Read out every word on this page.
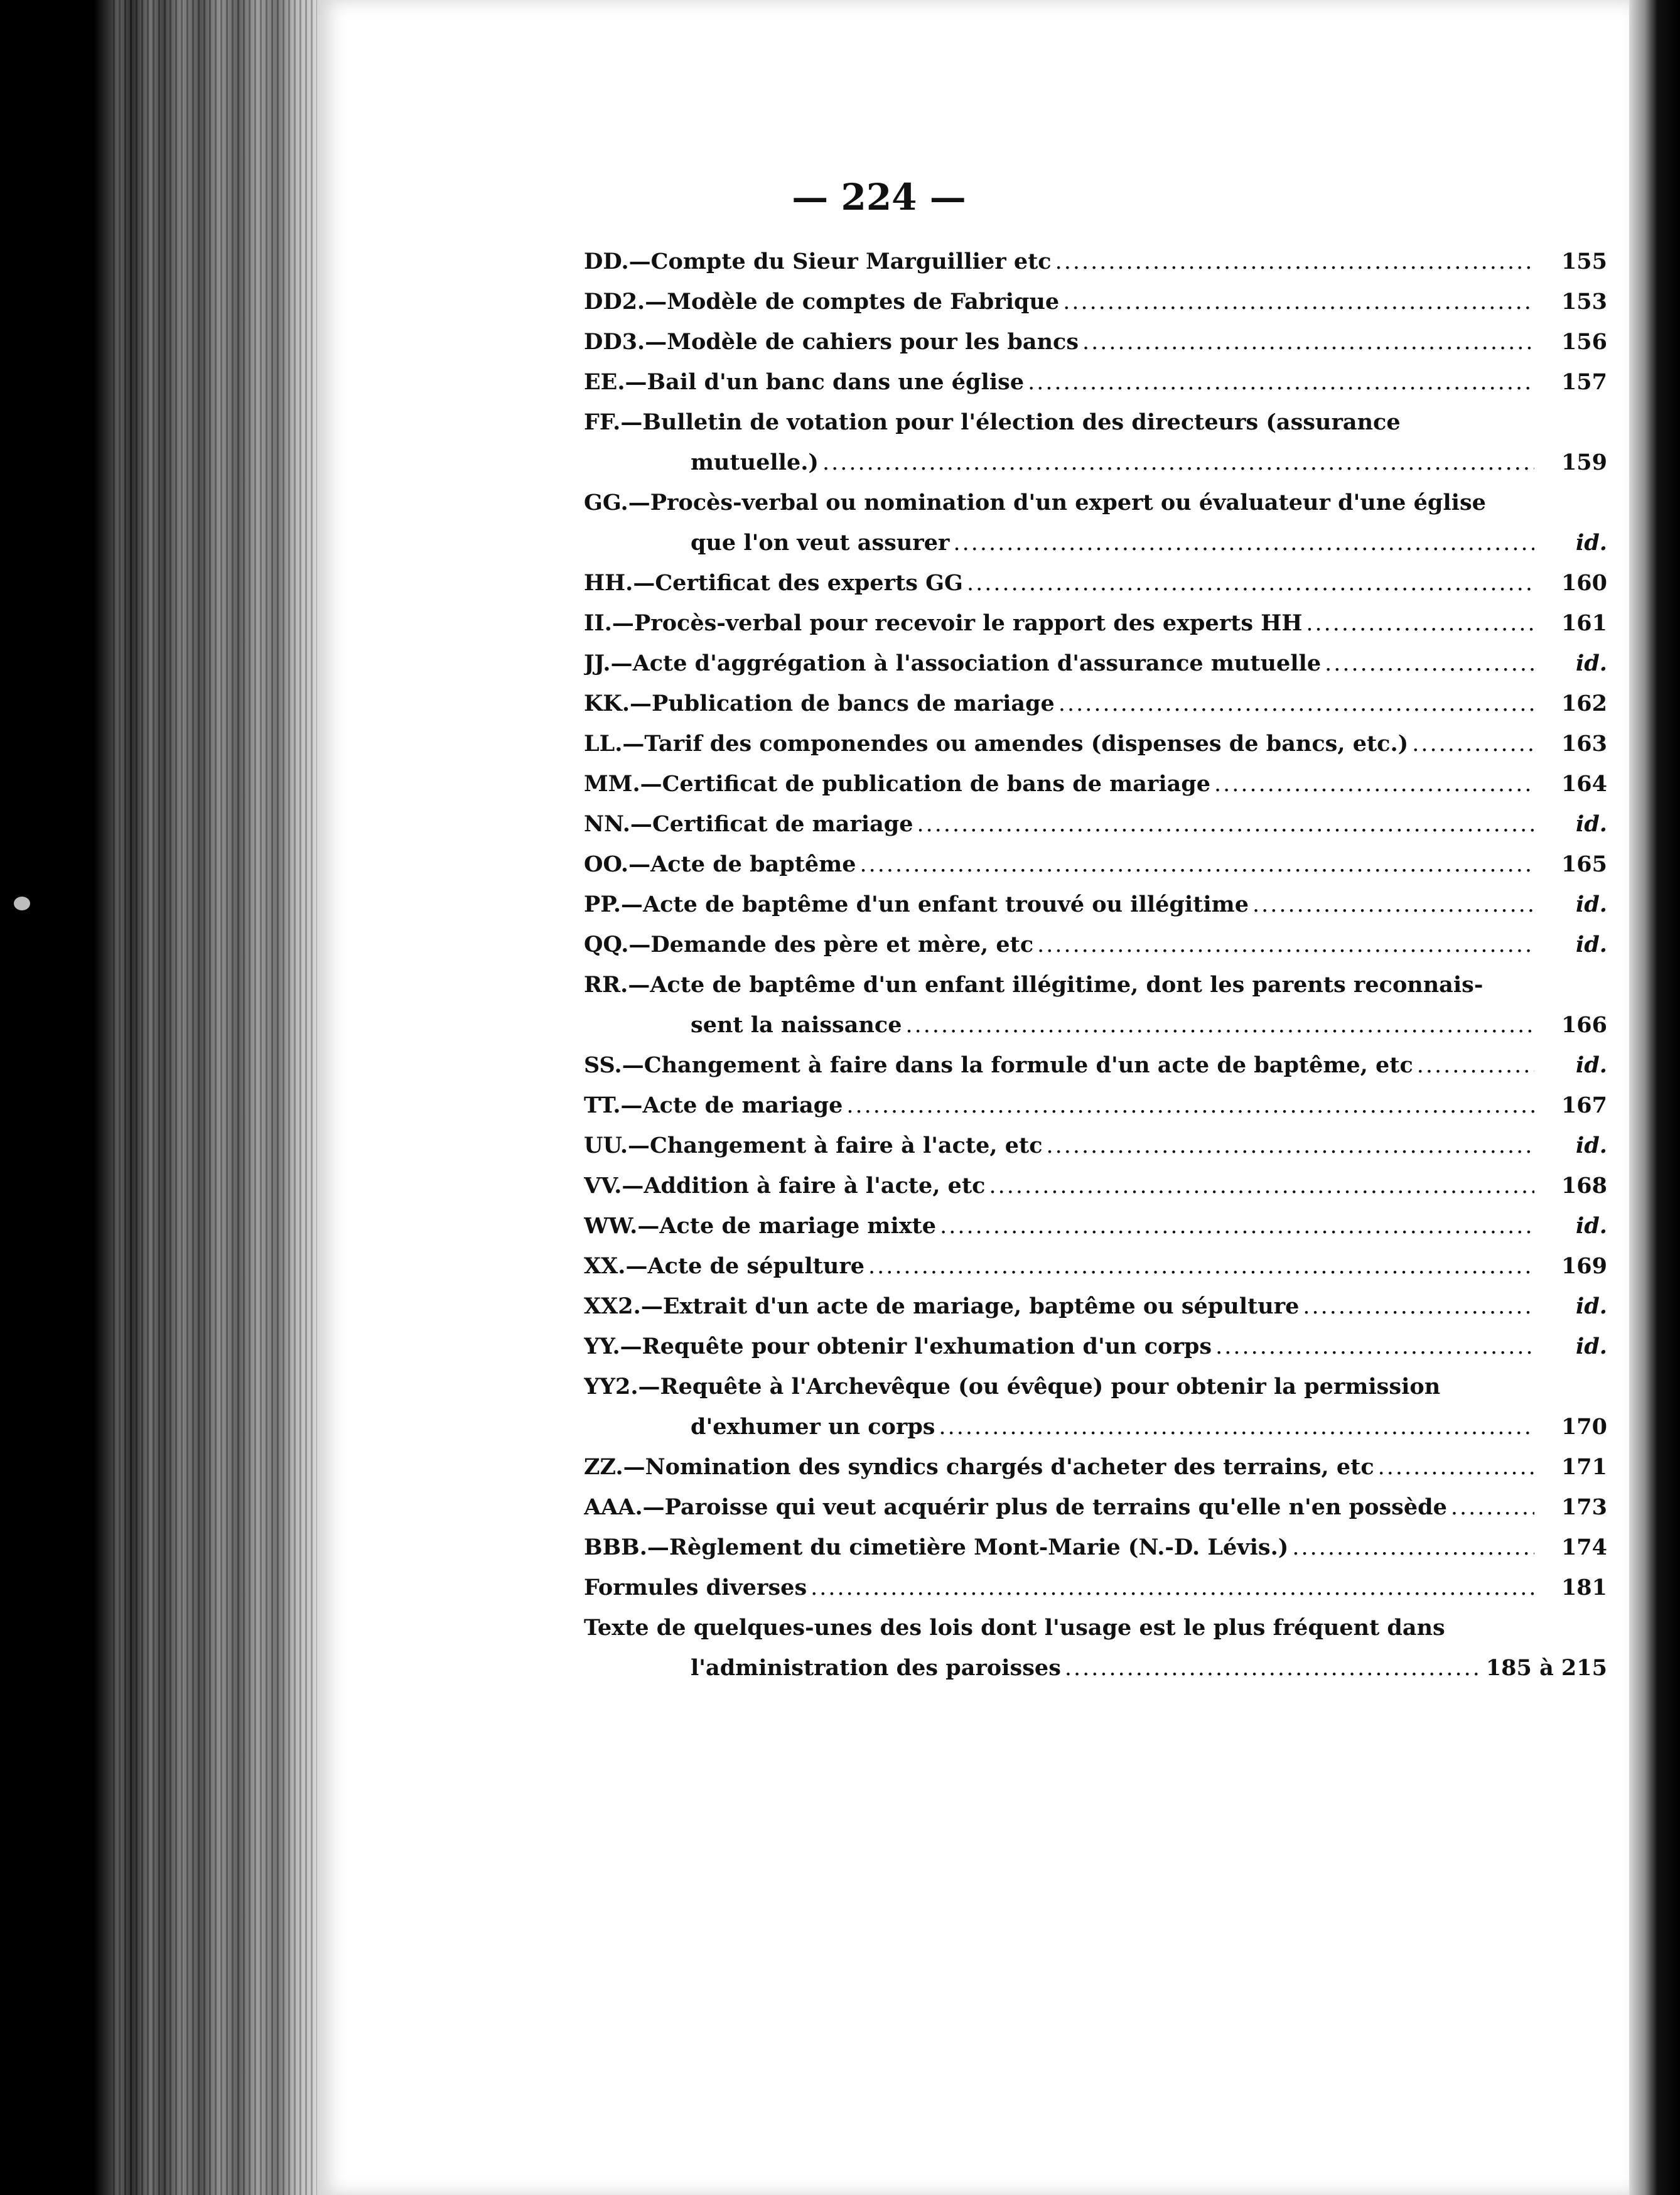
— 224 —
DD.— Compte du Sieur Marguillier etc .....	155
DD2.— Modèle de comptes de Fabrique .....	153
DD3.— Modèle de cahiers pour les bancs .....	156
EE.— Bail d'un banc dans une église .....	157
FF.— Bulletin de votation pour l'élection des directeurs (assurance
mutuelle.) .....	159
GG.— Procès-verbal ou nomination d'un expert ou évaluateur d'une église
que l'on veut assurer .....	id.
HH.— Certificat des experts GG .....	160
II.— Procès-verbal pour recevoir le rapport des experts HH .....	161
JJ.— Acte d'aggrégation à l'association d'assurance mutuelle .....	id.
KK.— Publication de bancs de mariage .....	162
LL.— Tarif des componendes ou amendes (dispenses de bancs, etc.) .....	163
MM.— Certificat de publication de bans de mariage .....	164
NN.— Certificat de mariage .....	id.
OO.— Acte de baptême .....	165
PP.— Acte de baptême d'un enfant trouvé ou illégitime .....	id.
QQ.— Demande des père et mère, etc .....	id.
RR.— Acte de baptême d'un enfant illégitime, dont les parents reconnais-
sent la naissance .....	166
SS.— Changement à faire dans la formule d'un acte de baptême, etc .....	id.
TT.— Acte de mariage .....	167
UU.— Changement à faire à l'acte, etc .....	id.
VV.— Addition à faire à l'acte, etc .....	168
WW.— Acte de mariage mixte .....	id.
XX.— Acte de sépulture .....	169
XX2.— Extrait d'un acte de mariage, baptême ou sépulture .....	id.
YY.— Requête pour obtenir l'exhumation d'un corps .....	id.
YY2.— Requête à l'Archevêque (ou évêque) pour obtenir la permission
d'exhumer un corps .....	170
ZZ.— Nomination des syndics chargés d'acheter des terrains, etc .....	171
AAA.— Paroisse qui veut acquérir plus de terrains qu'elle n'en possède .....	173
BBB.— Règlement du cimetière Mont-Marie (N.-D. Lévis.) .....	174
Formules diverses .....	181
Texte de quelques-unes des lois dont l'usage est le plus fréquent dans
l'administration des paroisses .....	185 à 215
